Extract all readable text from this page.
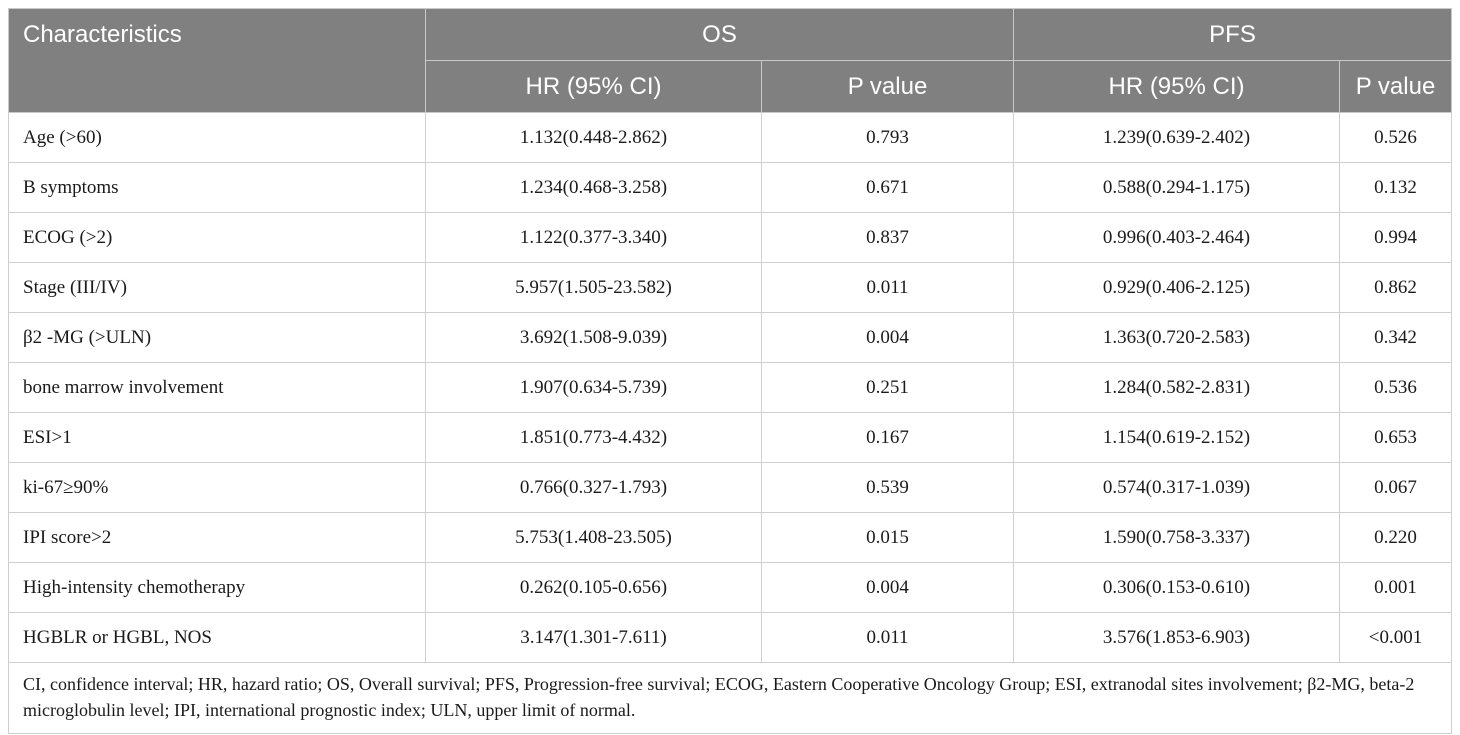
Characteristics	OS		PFS	
	HR (95% CI)	P value	HR (95% CI)	P value
Age (>60)	1.132(0.448-2.862)	0.793	1.239(0.639-2.402)	0.526
B symptoms	1.234(0.468-3.258)	0.671	0.588(0.294-1.175)	0.132
ECOG (>2)	1.122(0.377-3.340)	0.837	0.996(0.403-2.464)	0.994
Stage (III/IV)	5.957(1.505-23.582)	0.011	0.929(0.406-2.125)	0.862
β2 -MG (>ULN)	3.692(1.508-9.039)	0.004	1.363(0.720-2.583)	0.342
bone marrow involvement	1.907(0.634-5.739)	0.251	1.284(0.582-2.831)	0.536
ESI>1	1.851(0.773-4.432)	0.167	1.154(0.619-2.152)	0.653
ki-67≥90%	0.766(0.327-1.793)	0.539	0.574(0.317-1.039)	0.067
IPI score>2	5.753(1.408-23.505)	0.015	1.590(0.758-3.337)	0.220
High-intensity chemotherapy	0.262(0.105-0.656)	0.004	0.306(0.153-0.610)	0.001
HGBLR or HGBL, NOS	3.147(1.301-7.611)	0.011	3.576(1.853-6.903)	<0.001
CI, confidence interval; HR, hazard ratio; OS, Overall survival; PFS, Progression-free survival; ECOG, Eastern Cooperative Oncology Group; ESI, extranodal sites involvement; β2-MG, beta-2 microglobulin level; IPI, international prognostic index; ULN, upper limit of normal.				
